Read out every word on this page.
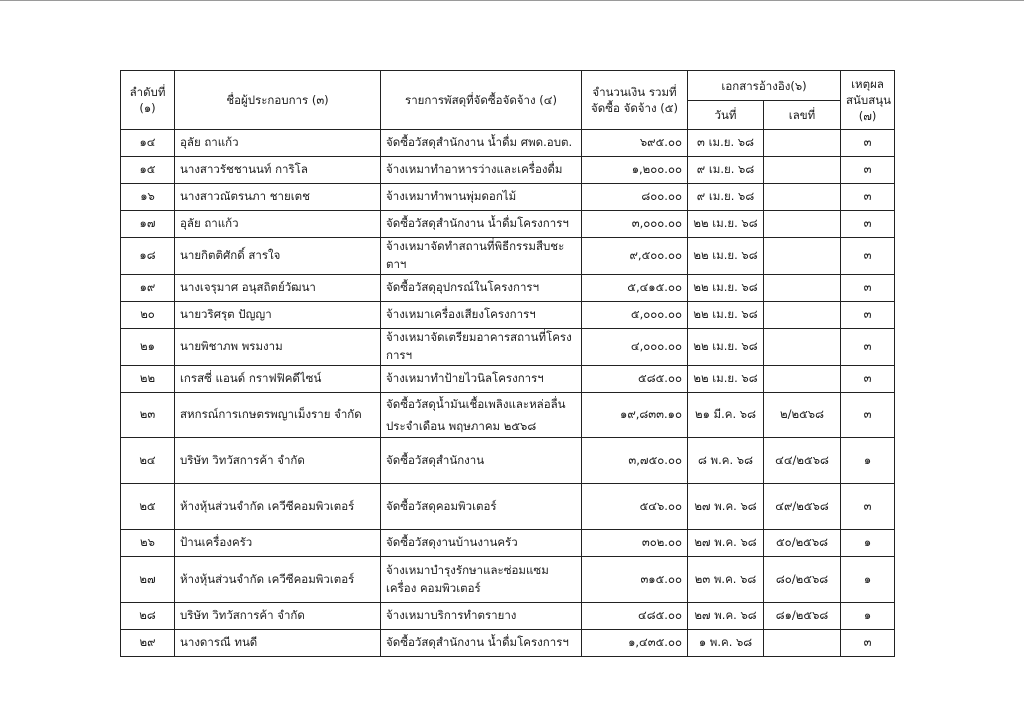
ลำดับที่ (๑)	ชื่อผู้ประกอบการ (๓)	รายการพัสดุที่จัดซื้อจัดจ้าง (๔)	จำนวนเงิน รวมที่จัดซื้อ จัดจ้าง (๕)	เอกสารอ้างอิง(๖)		เหตุผล สนับสนุน (๗)
				วันที่	เลขที่	
๑๔	อุลัย ถาแก้ว	จัดซื้อวัสดุสำนักงาน น้ำดื่ม ศพด.อบต.	๖๙๕.๐๐	๓ เม.ย. ๖๘		๓
๑๕	นางสาวรัชชานนท์ การิโล	จ้างเหมาทำอาหารว่างและเครื่องดื่ม	๑,๒๐๐.๐๐	๙ เม.ย. ๖๘		๓
๑๖	นางสาวณัตรนภา ชายเตช	จ้างเหมาทำพานพุ่มดอกไม้	๘๐๐.๐๐	๙ เม.ย. ๖๘		๓
๑๗	อุลัย ถาแก้ว	จัดซื้อวัสดุสำนักงาน น้ำดื่มโครงการฯ	๓,๐๐๐.๐๐	๒๒ เม.ย. ๖๘		๓
๑๘	นายกิตติศักดิ์ สารใจ	จ้างเหมาจัดทำสถานที่พิธีกรรมสืบชะตาฯ	๙,๕๐๐.๐๐	๒๒ เม.ย. ๖๘		๓
๑๙	นางเจรุมาศ อนุสถิตย์วัฒนา	จัดซื้อวัสดุอุปกรณ์ในโครงการฯ	๕,๔๑๕.๐๐	๒๒ เม.ย. ๖๘		๓
๒๐	นายวริศรุต ปัญญา	จ้างเหมาเครื่องเสียงโครงการฯ	๕,๐๐๐.๐๐	๒๒ เม.ย. ๖๘		๓
๒๑	นายพิชาภพ พรมงาม	จ้างเหมาจัดเตรียมอาคารสถานที่โครงการฯ	๔,๐๐๐.๐๐	๒๒ เม.ย. ๖๘		๓
๒๒	เกรสซี่ แอนด์ กราฟฟิคดีไซน์	จ้างเหมาทำป้ายไวนิลโครงการฯ	๕๘๕.๐๐	๒๒ เม.ย. ๖๘		๓
๒๓	สหกรณ์การเกษตรพญาเม็งราย จำกัด	จัดซื้อวัสดุน้ำมันเชื้อเพลิงและหล่อลื่น ประจำเดือน พฤษภาคม ๒๕๖๘	๑๙,๘๓๓.๑๐	๒๑ มี.ค. ๖๘	๒/๒๕๖๘	๓
๒๔	บริษัท วิทวัสการค้า จำกัด	จัดซื้อวัสดุสำนักงาน	๓,๗๕๐.๐๐	๘ พ.ค. ๖๘	๔๔/๒๕๖๘	๑
๒๕	ห้างหุ้นส่วนจำกัด เควีซีคอมพิวเตอร์	จัดซื้อวัสดุคอมพิวเตอร์	๕๔๖.๐๐	๒๗ พ.ค. ๖๘	๔๙/๒๕๖๘	๓
๒๖	ป้านเครื่องครัว	จัดซื้อวัสดุงานบ้านงานครัว	๓๐๒.๐๐	๒๗ พ.ค. ๖๘	๕๐/๒๕๖๘	๑
๒๗	ห้างหุ้นส่วนจำกัด เควีซีคอมพิวเตอร์	จ้างเหมาบำรุงรักษาและซ่อมแซมเครื่อง คอมพิวเตอร์	๓๑๕.๐๐	๒๓ พ.ค. ๖๘	๘๐/๒๕๖๘	๑
๒๘	บริษัท วิทวัสการค้า จำกัด	จ้างเหมาบริการทำตรายาง	๔๘๕.๐๐	๒๗ พ.ค. ๖๘	๘๑/๒๕๖๘	๑
๒๙	นางดารณี ทนดี	จัดซื้อวัสดุสำนักงาน น้ำดื่มโครงการฯ	๑,๔๓๕.๐๐	๑ พ.ค. ๖๘		๓
